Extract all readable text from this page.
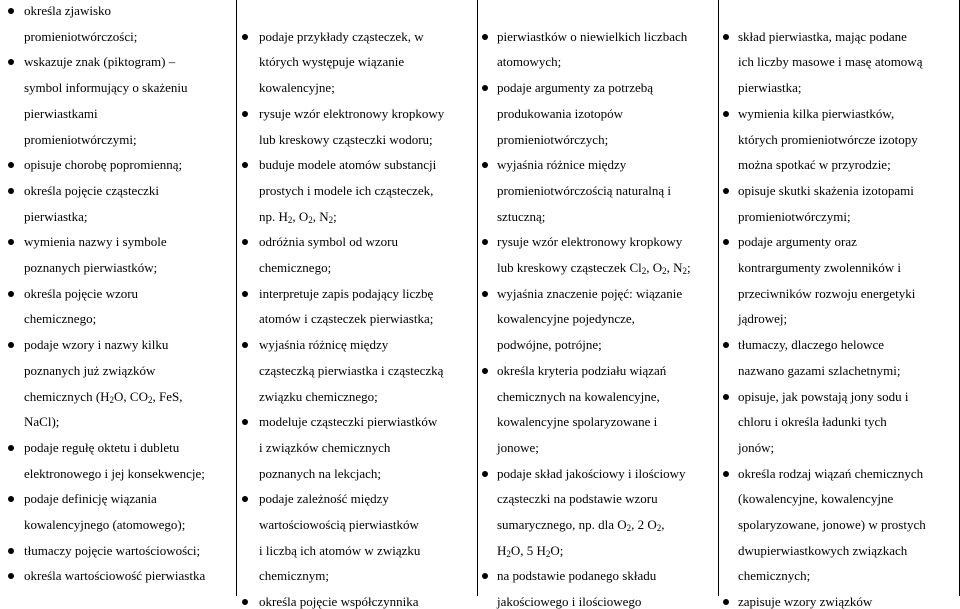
określa zjawisko
promieniotwórczości;
wskazuje znak (piktogram) –
symbol informujący o skażeniu
pierwiastkami
promieniotwórczymi;
opisuje chorobę popromienną;
określa pojęcie cząsteczki
pierwiastka;
wymienia nazwy i symbole
poznanych pierwiastków;
określa pojęcie wzoru
chemicznego;
podaje wzory i nazwy kilku
poznanych już związków
chemicznych ($H_2O$, $CO_2$, FeS,
NaCl);
podaje regułę oktetu i dubletu
elektronowego i jej konsekwencje;
podaje definicję wiązania
kowalencyjnego (atomowego);
tłumaczy pojęcie wartościowości;
określa wartościowość pierwiastka
podaje przykłady cząsteczek, w
których występuje wiązanie
kowalencyjne;
rysuje wzór elektronowy kropkowy
lub kreskowy cząsteczki wodoru;
buduje modele atomów substancji
prostych i modele ich cząsteczek,
np. $H_2$, $O_2$, $N_2$;
odróżnia symbol od wzoru
chemicznego;
interpretuje zapis podający liczbę
atomów i cząsteczek pierwiastka;
wyjaśnia różnicę między
cząsteczką pierwiastka i cząsteczką
związku chemicznego;
modeluje cząsteczki pierwiastków
i związków chemicznych
poznanych na lekcjach;
podaje zależność między
wartościowością pierwiastków
i liczbą ich atomów w związku
chemicznym;
określa pojęcie współczynnika
pierwiastków o niewielkich liczbach
atomowych;
podaje argumenty za potrzebą
produkowania izotopów
promieniotwórczych;
wyjaśnia różnice między
promieniotwórczością naturalną i
sztuczną;
rysuje wzór elektronowy kropkowy
lub kreskowy cząsteczek $Cl_2$, $O_2$, $N_2$;
wyjaśnia znaczenie pojęć: wiązanie
kowalencyjne pojedyncze,
podwójne, potrójne;
określa kryteria podziału wiązań
chemicznych na kowalencyjne,
kowalencyjne spolaryzowane i
jonowe;
podaje skład jakościowy i ilościowy
cząsteczki na podstawie wzoru
sumarycznego, np. dla $O_2$, 2 $O_2$,
$H_2O$, 5 $H_2O$;
na podstawie podanego składu
jakościowego i ilościowego
skład pierwiastka, mając podane
ich liczby masowe i masę atomową
pierwiastka;
wymienia kilka pierwiastków,
których promieniotwórcze izotopy
można spotkać w przyrodzie;
opisuje skutki skażenia izotopami
promieniotwórczymi;
podaje argumenty oraz
kontrargumenty zwolenników i
przeciwników rozwoju energetyki
jądrowej;
tłumaczy, dlaczego helowce
nazwano gazami szlachetnymi;
opisuje, jak powstają jony sodu i
chloru i określa ładunki tych
jonów;
określa rodzaj wiązań chemicznych
(kowalencyjne, kowalencyjne
spolaryzowane, jonowe) w prostych
dwupierwiastkowych związkach
chemicznych;
zapisuje wzory związków
